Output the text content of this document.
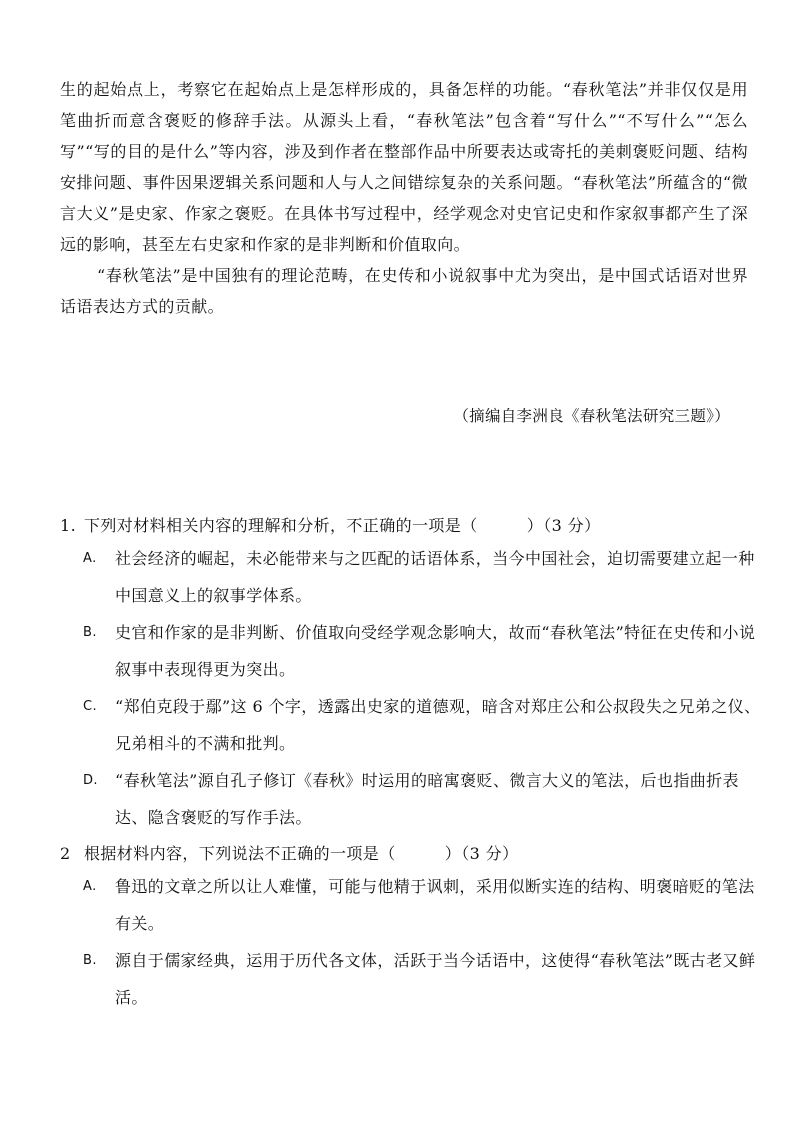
生的起始点上，考察它在起始点上是怎样形成的，具备怎样的功能。“春秋笔法”并非仅仅是用笔曲折而意含褒贬的修辞手法。从源头上看，“春秋笔法”包含着“写什么”“不写什么”“怎么写”“写的目的是什么”等内容，涉及到作者在整部作品中所要表达或寄托的美刺褒贬问题、结构安排问题、事件因果逻辑关系问题和人与人之间错综复杂的关系问题。“春秋笔法”所蕴含的“微言大义”是史家、作家之褒贬。在具体书写过程中，经学观念对史官记史和作家叙事都产生了深远的影响，甚至左右史家和作家的是非判断和价值取向。

“春秋笔法”是中国独有的理论范畴，在史传和小说叙事中尤为突出，是中国式话语对世界话语表达方式的贡献。

（摘编自李洲良《春秋笔法研究三题》）
1. 下列对材料相关内容的理解和分析，不正确的一项是（　　　）（3 分）
A. 社会经济的崛起，未必能带来与之匹配的话语体系，当今中国社会，迫切需要建立起一种中国意义上的叙事学体系。
B. 史官和作家的是非判断、价值取向受经学观念影响大，故而“春秋笔法”特征在史传和小说叙事中表现得更为突出。
C. “郑伯克段于鄢”这 6 个字，透露出史家的道德观，暗含对郑庄公和公叔段失之兄弟之仪、兄弟相斗的不满和批判。
D. “春秋笔法”源自孔子修订《春秋》时运用的暗寓褒贬、微言大义的笔法，后也指曲折表达、隐含褒贬的写作手法。
2 根据材料内容，下列说法不正确的一项是（　　　）（3 分）
A. 鲁迅的文章之所以让人难懂，可能与他精于讽刺，采用似断实连的结构、明褒暗贬的笔法有关。
B. 源自于儒家经典，运用于历代各文体，活跃于当今话语中，这使得“春秋笔法”既古老又鲜活。
